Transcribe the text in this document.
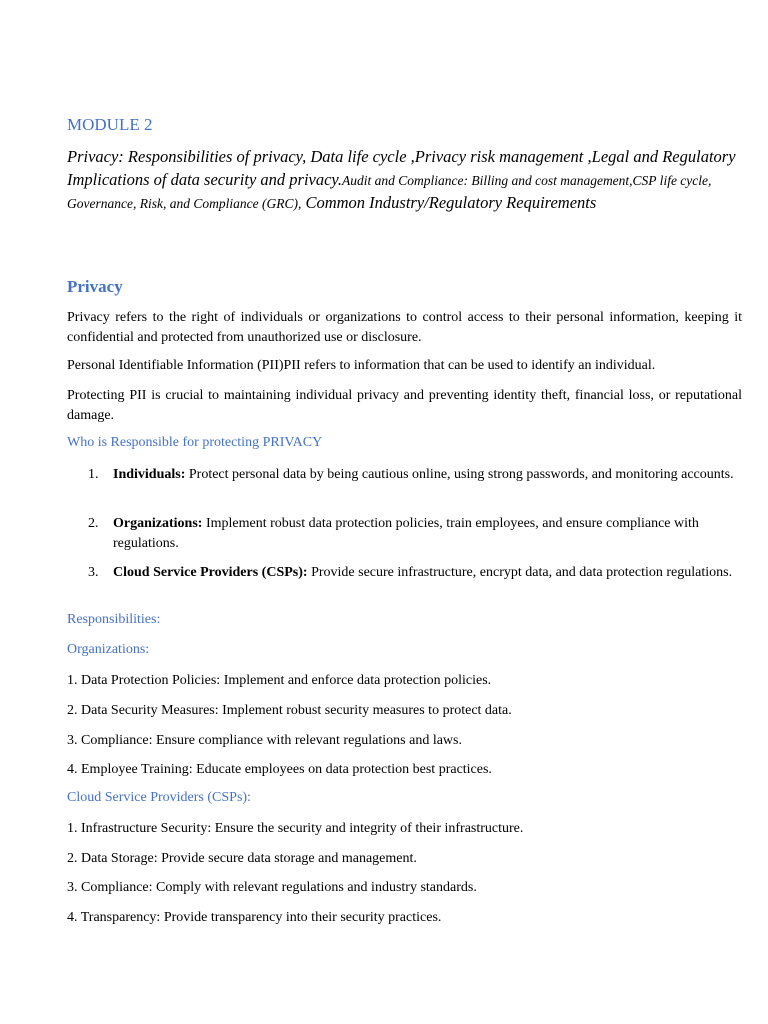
MODULE 2

Privacy: Responsibilities of privacy, Data life cycle ,Privacy risk management ,Legal and Regulatory Implications of data security and privacy.Audit and Compliance: Billing and cost management,CSP life cycle, Governance, Risk, and Compliance (GRC), Common Industry/Regulatory Requirements

Privacy

Privacy refers to the right of individuals or organizations to control access to their personal information, keeping it confidential and protected from unauthorized use or disclosure.

Personal Identifiable Information (PII)PII refers to information that can be used to identify an individual.

Protecting PII is crucial to maintaining individual privacy and preventing identity theft, financial loss, or reputational damage.

Who is Responsible for protecting PRIVACY

1.	Individuals: Protect personal data by being cautious online, using strong passwords, and monitoring accounts.
2.	Organizations: Implement robust data protection policies, train employees, and ensure compliance with regulations.
3.	Cloud Service Providers (CSPs): Provide secure infrastructure, encrypt data, and data protection regulations.

Responsibilities:

Organizations:

1. Data Protection Policies: Implement and enforce data protection policies.

2. Data Security Measures: Implement robust security measures to protect data.

3. Compliance: Ensure compliance with relevant regulations and laws.

4. Employee Training: Educate employees on data protection best practices.

Cloud Service Providers (CSPs):

1. Infrastructure Security: Ensure the security and integrity of their infrastructure.

2. Data Storage: Provide secure data storage and management.

3. Compliance: Comply with relevant regulations and industry standards.

4. Transparency: Provide transparency into their security practices.
